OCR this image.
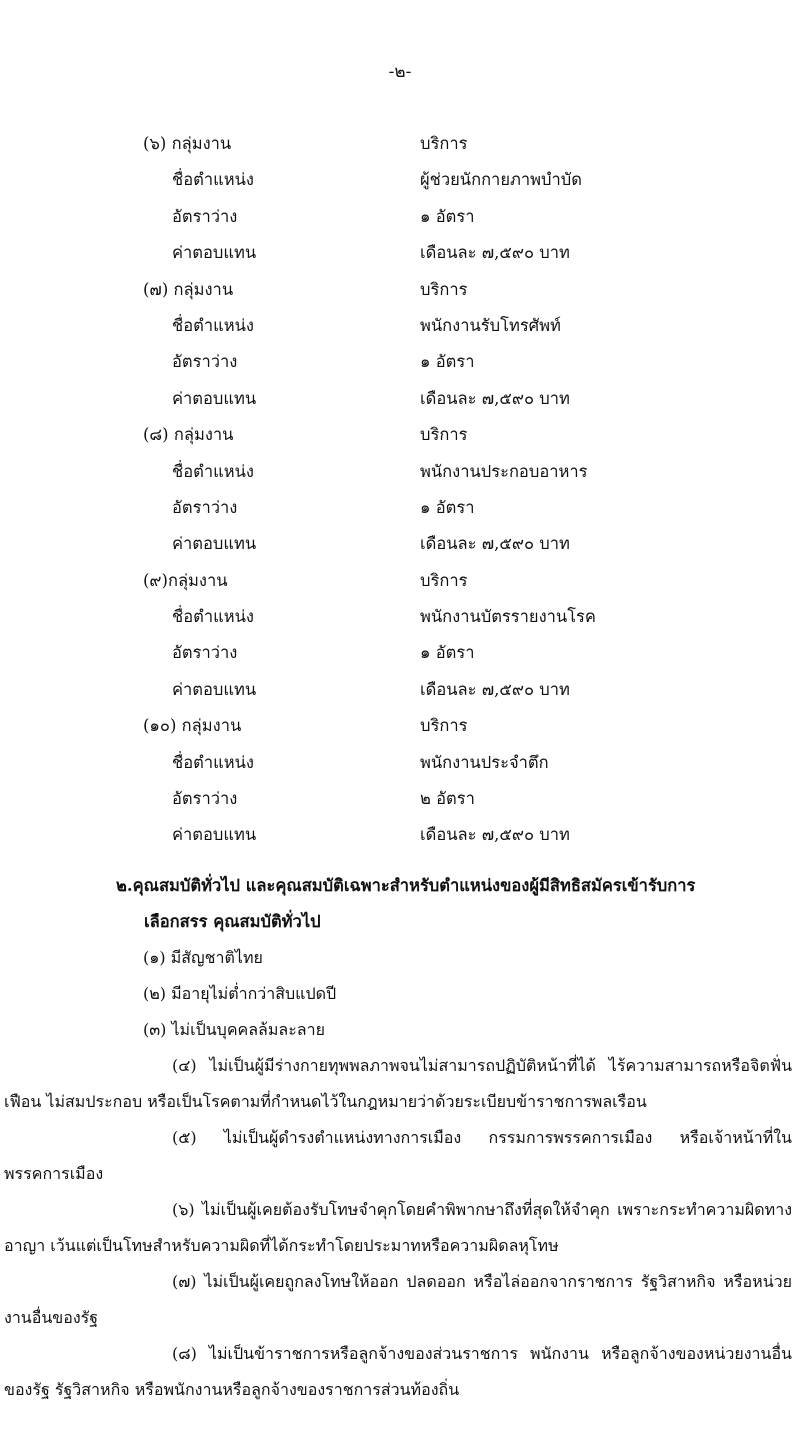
-๒-
(๖) กลุ่มงาน	บริการ
ชื่อตำแหน่ง	ผู้ช่วยนักกายภาพบำบัด
อัตราว่าง	๑ อัตรา
ค่าตอบแทน	เดือนละ ๗,๕๙๐ บาท
(๗) กลุ่มงาน	บริการ
ชื่อตำแหน่ง	พนักงานรับโทรศัพท์
อัตราว่าง	๑ อัตรา
ค่าตอบแทน	เดือนละ ๗,๕๙๐ บาท
(๘) กลุ่มงาน	บริการ
ชื่อตำแหน่ง	พนักงานประกอบอาหาร
อัตราว่าง	๑ อัตรา
ค่าตอบแทน	เดือนละ ๗,๕๙๐ บาท
(๙)กลุ่มงาน	บริการ
ชื่อตำแหน่ง	พนักงานบัตรรายงานโรค
อัตราว่าง	๑ อัตรา
ค่าตอบแทน	เดือนละ ๗,๕๙๐ บาท
(๑๐) กลุ่มงาน	บริการ
ชื่อตำแหน่ง	พนักงานประจำตึก
อัตราว่าง	๒ อัตรา
ค่าตอบแทน	เดือนละ ๗,๕๙๐ บาท
๒.คุณสมบัติทั่วไป และคุณสมบัติเฉพาะสำหรับตำแหน่งของผู้มีสิทธิสมัครเข้ารับการ
เลือกสรร คุณสมบัติทั่วไป
(๑) มีสัญชาติไทย
(๒) มีอายุไม่ต่ำกว่าสิบแปดปี
(๓) ไม่เป็นบุคคลล้มละลาย
(๔) ไม่เป็นผู้มีร่างกายทุพพลภาพจนไม่สามารถปฏิบัติหน้าที่ได้ ไร้ความสามารถหรือจิตฟั่นเฟือน ไม่สมประกอบ หรือเป็นโรคตามที่กำหนดไว้ในกฎหมายว่าด้วยระเบียบข้าราชการพลเรือน
(๕) ไม่เป็นผู้ดำรงตำแหน่งทางการเมือง กรรมการพรรคการเมือง หรือเจ้าหน้าที่ในพรรคการเมือง
(๖) ไม่เป็นผู้เคยต้องรับโทษจำคุกโดยคำพิพากษาถึงที่สุดให้จำคุก เพราะกระทำความผิดทางอาญา เว้นแต่เป็นโทษสำหรับความผิดที่ได้กระทำโดยประมาทหรือความผิดลหุโทษ
(๗) ไม่เป็นผู้เคยถูกลงโทษให้ออก ปลดออก หรือไล่ออกจากราชการ รัฐวิสาหกิจ หรือหน่วยงานอื่นของรัฐ
(๘) ไม่เป็นข้าราชการหรือลูกจ้างของส่วนราชการ พนักงาน หรือลูกจ้างของหน่วยงานอื่นของรัฐ รัฐวิสาหกิจ หรือพนักงานหรือลูกจ้างของราชการส่วนท้องถิ่น
